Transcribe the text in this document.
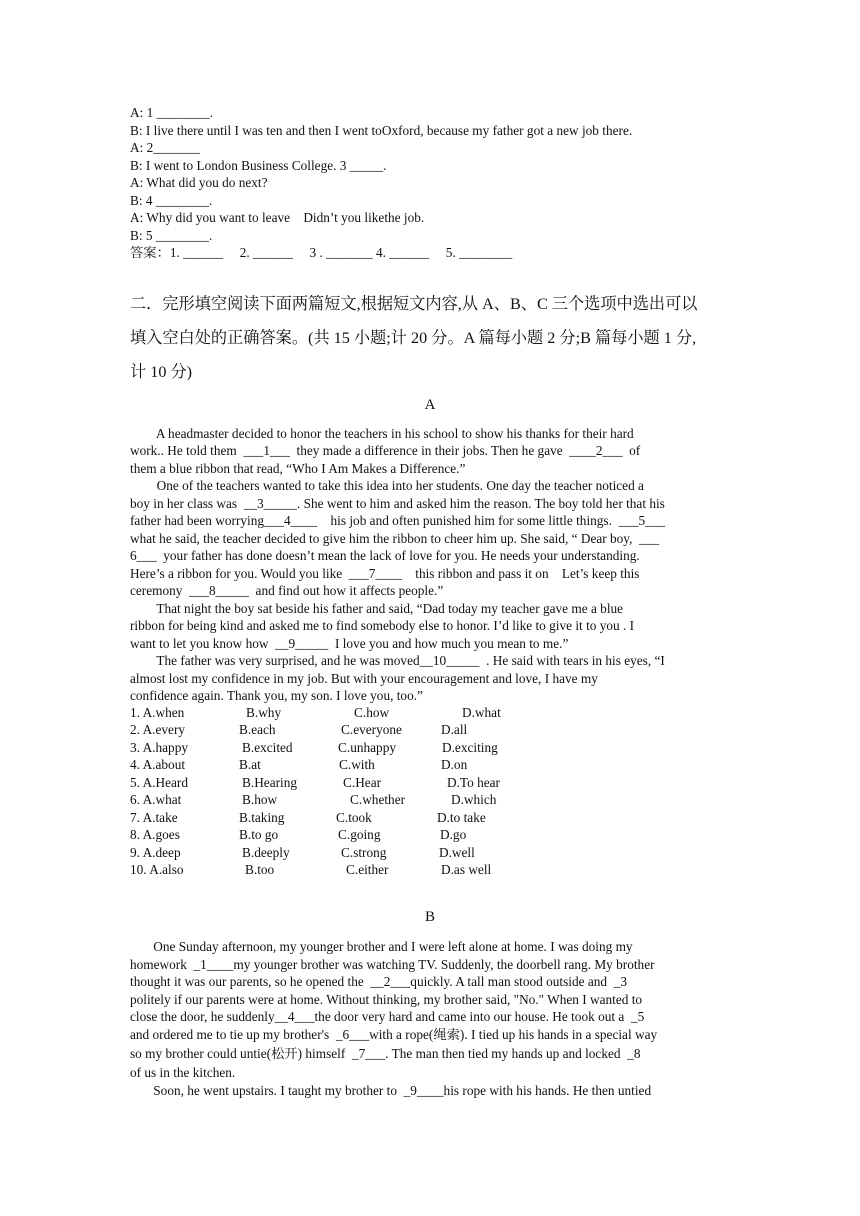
A: 1 ________.
B: I live there until I was ten and then I went toOxford, because my father got a new job there.
A: 2_______
B: I went to London Business College. 3 _____.
A: What did you do next?
B: 4 ________.
A: Why did you want to leave    Didn’t you likethe job.
B: 5 ________.
答案：1. ______     2. ______     3 . _______ 4. ______     5. ________
二．完形填空阅读下面两篇短文,根据短文内容,从 A、B、C 三个选项中选出可以
填入空白处的正确答案。(共 15 小题;计 20 分。A 篇每小题 2 分;B 篇每小题 1 分,
计 10 分)
A
A headmaster decided to honor the teachers in his school to show his thanks for their hard
work.. He told them  ___1___  they made a difference in their jobs. Then he gave  ____2___  of
them a blue ribbon that read, “Who I Am Makes a Difference.”
One of the teachers wanted to take this idea into her students. One day the teacher noticed a
boy in her class was  __3_____. She went to him and asked him the reason. The boy told her that his
father had been worrying___4____    his job and often punished him for some little things.  ___5___
what he said, the teacher decided to give him the ribbon to cheer him up. She said, “ Dear boy,  ___
6___  your father has done doesn’t mean the lack of love for you. He needs your understanding.
Here’s a ribbon for you. Would you like  ___7____    this ribbon and pass it on    Let’s keep this
ceremony  ___8_____  and find out how it affects people.”
That night the boy sat beside his father and said, “Dad today my teacher gave me a blue
ribbon for being kind and asked me to find somebody else to honor. I’d like to give it to you . I
want to let you know how  __9_____  I love you and how much you mean to me.”
The father was very surprised, and he was moved__10_____  . He said with tears in his eyes, “I
almost lost my confidence in my job. But with your encouragement and love, I have my
confidence again. Thank you, my son. I love you, too.”
1. A.when	B.why	C.how	D.what
2. A.every	B.each	C.everyone	D.all
3. A.happy	B.excited	C.unhappy	D.exciting
4. A.about	B.at	C.with	D.on
5. A.Heard	B.Hearing	C.Hear	D.To hear
6. A.what	B.how	C.whether	D.which
7. A.take	B.taking	C.took	D.to take
8. A.goes	B.to go	C.going	D.go
9. A.deep	B.deeply	C.strong	D.well
10. A.also	B.too	C.either	D.as well
B
One Sunday afternoon, my younger brother and I were left alone at home. I was doing my
homework  _1____my younger brother was watching TV. Suddenly, the doorbell rang. My brother
thought it was our parents, so he opened the  __2___quickly. A tall man stood outside and  _3
politely if our parents were at home. Without thinking, my brother said, "No." When I wanted to
close the door, he suddenly__4___the door very hard and came into our house. He took out a  _5
and ordered me to tie up my brother's  _6___with a rope(绳索). I tied up his hands in a special way
so my brother could untie(松开) himself  _7___. The man then tied my hands up and locked  _8
of us in the kitchen.
Soon, he went upstairs. I taught my brother to  _9____his rope with his hands. He then untied
